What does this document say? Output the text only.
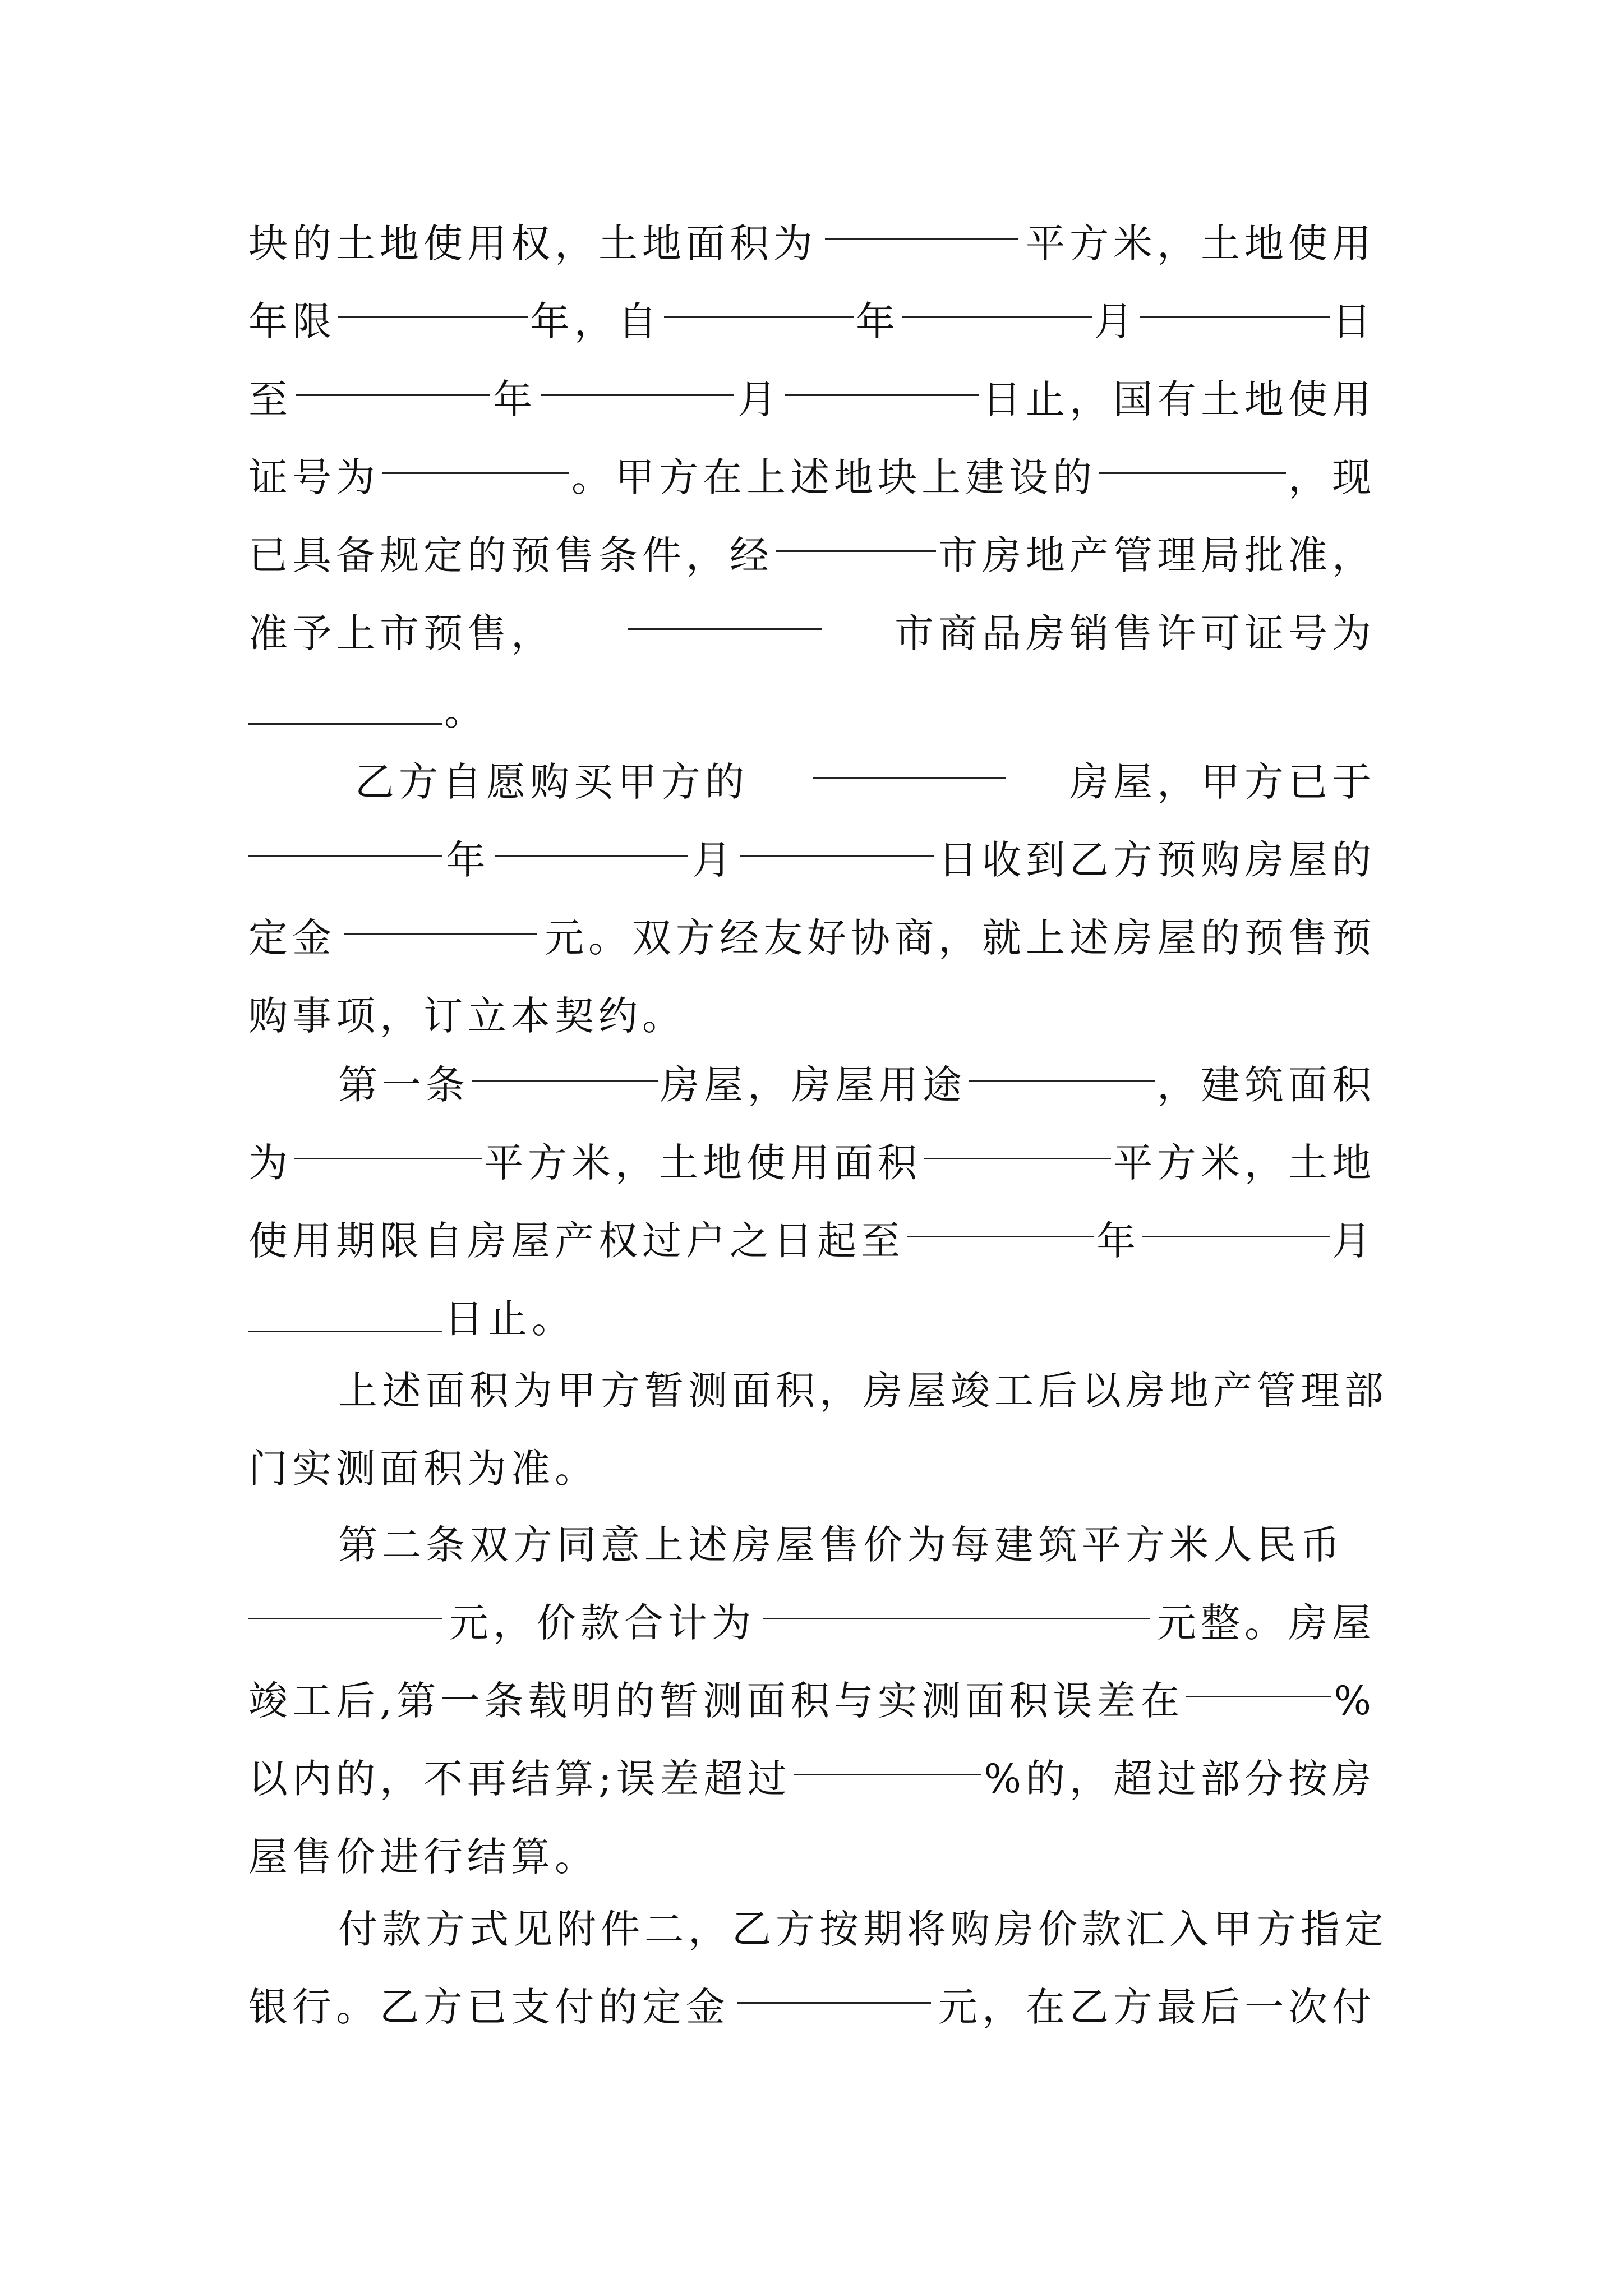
块的土地使用权，土地面积为	平方米，土地使用
年限	年，自	年	月	日
至	年	月	日止，国有土地使用
证号为	。甲方在上述地块上建设的	，现
已具备规定的预售条件，经	市房地产管理局批准，
准予上市预售，	市商品房销售许可证号为
。
乙方自愿购买甲方的	房屋，甲方已于
年	月	日收到乙方预购房屋的
定金	元。双方经友好协商，就上述房屋的预售预
购事项，订立本契约。
第一条	房屋，房屋用途	，建筑面积
为	平方米，土地使用面积	平方米，土地
使用期限自房屋产权过户之日起至	年	月
日止。
上述面积为甲方暂测面积，房屋竣工后以房地产管理部
门实测面积为准。
第二条双方同意上述房屋售价为每建筑平方米人民币
元，价款合计为	元整。房屋
竣工后,第一条载明的暂测面积与实测面积误差在	%
以内的，不再结算;误差超过	%的，超过部分按房
屋售价进行结算。
付款方式见附件二，乙方按期将购房价款汇入甲方指定
银行。乙方已支付的定金	元，在乙方最后一次付
